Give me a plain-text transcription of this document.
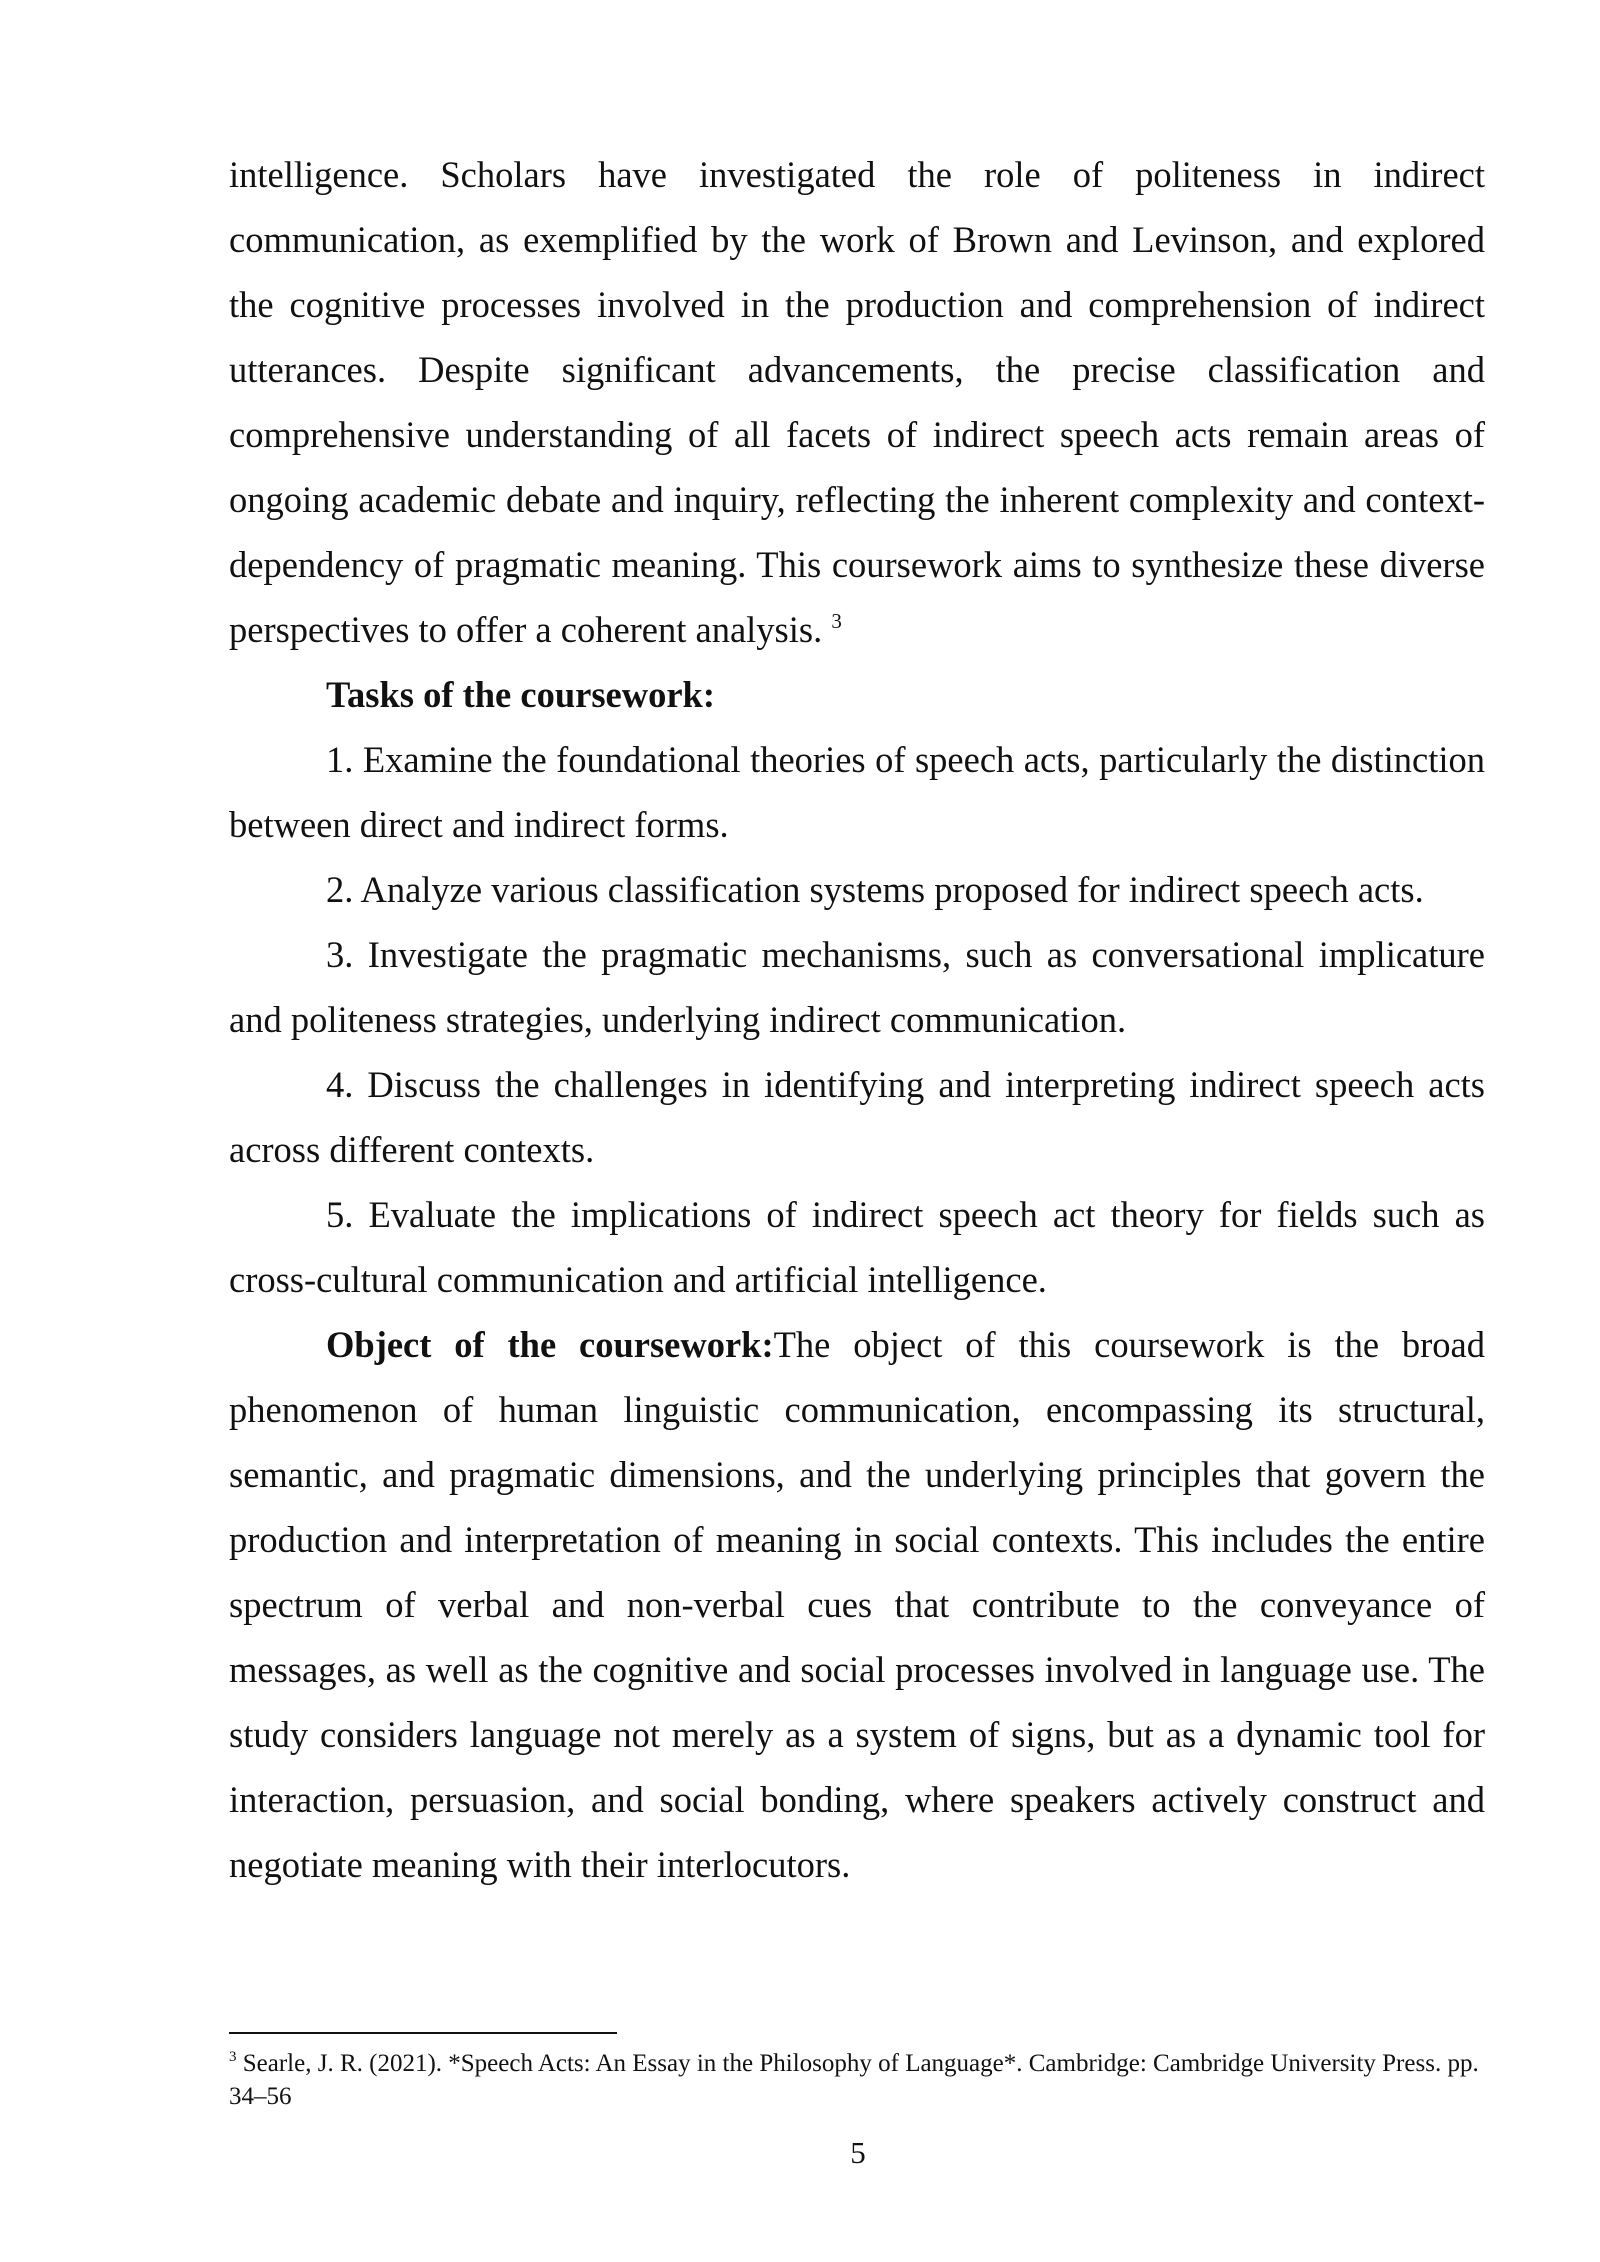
intelligence. Scholars have investigated the role of politeness in indirect communication, as exemplified by the work of Brown and Levinson, and explored the cognitive processes involved in the production and comprehension of indirect utterances. Despite significant advancements, the precise classification and comprehensive understanding of all facets of indirect speech acts remain areas of ongoing academic debate and inquiry, reflecting the inherent complexity and context-dependency of pragmatic meaning. This coursework aims to synthesize these diverse perspectives to offer a coherent analysis. $^3$

Tasks of the coursework:

1. Examine the foundational theories of speech acts, particularly the distinction between direct and indirect forms.

2. Analyze various classification systems proposed for indirect speech acts.

3. Investigate the pragmatic mechanisms, such as conversational implicature and politeness strategies, underlying indirect communication.

4. Discuss the challenges in identifying and interpreting indirect speech acts across different contexts.

5. Evaluate the implications of indirect speech act theory for fields such as cross-cultural communication and artificial intelligence.

Object of the coursework:The object of this coursework is the broad phenomenon of human linguistic communication, encompassing its structural, semantic, and pragmatic dimensions, and the underlying principles that govern the production and interpretation of meaning in social contexts. This includes the entire spectrum of verbal and non-verbal cues that contribute to the conveyance of messages, as well as the cognitive and social processes involved in language use. The study considers language not merely as a system of signs, but as a dynamic tool for interaction, persuasion, and social bonding, where speakers actively construct and negotiate meaning with their interlocutors.

$^3$ Searle, J. R. (2021). *Speech Acts: An Essay in the Philosophy of Language*. Cambridge: Cambridge University Press. pp. 34–56
5
